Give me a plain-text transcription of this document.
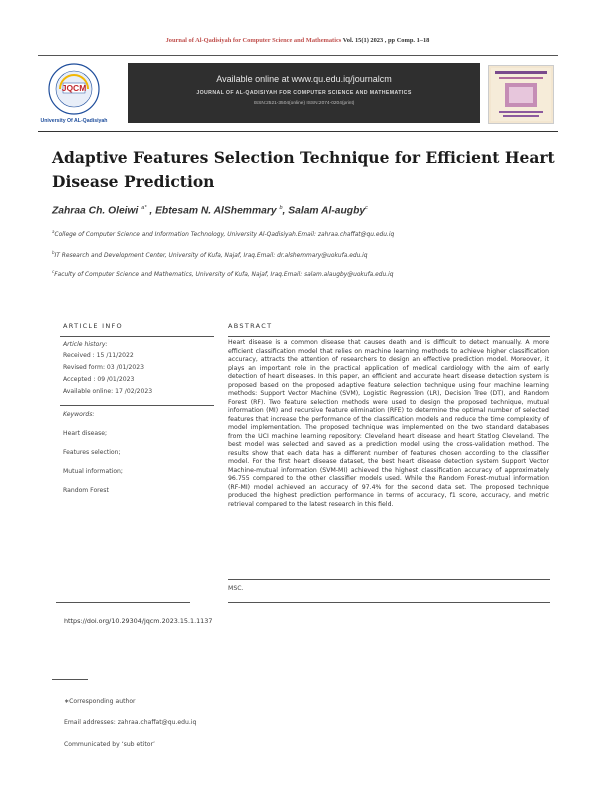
Journal of Al-Qadisiyah for Computer Science and Mathematics Vol. 15(1) 2023 , pp Comp. 1–18
JQCM
University Of AL-Qadisiyah
Available online at www.qu.edu.iq/journalcm
JOURNAL OF AL-QADISIYAH FOR COMPUTER SCIENCE AND MATHEMATICS
ISSN:2521-3504(online) ISSN:2074-0204(print)
Adaptive Features Selection Technique for Efficient Heart Disease Prediction
Zahraa Ch. Oleiwi $^{a*}$ , Ebtesam N. AlShemmary $^b$, Salam Al-augby$^c$
$^a$College of Computer Science and Information Technology, University Al-Qadisiyah.Email: zahraa.chaffat@qu.edu.iq
$^b$IT Research and Development Center, University of Kufa, Najaf, Iraq.Email: dr.alshemmary@uokufa.edu.iq
$^c$Faculty of Computer Science and Mathematics, University of Kufa, Najaf, Iraq.Email: salam.alaugby@uokufa.edu.iq
ARTICLE INFO	ABSTRACT
Article history:
Received : 15 /11/2022
Revised form: 03 /01/2023
Accepted : 09 /01/2023
Available online: 17 /02/2023
Keywords:
Heart disease;
Features selection;
Mutual information;
Random Forest
Heart disease is a common disease that causes death and is difficult to detect manually. A more efficient classification model that relies on machine learning methods to achieve higher classification accuracy, attracts the attention of researchers to design an effective prediction model. Moreover, it plays an important role in the practical application of medical cardiology with the aim of early detection of heart diseases. In this paper, an efficient and accurate heart disease detection system is proposed based on the proposed adaptive feature selection technique using four machine learning methods: Support Vector Machine (SVM), Logistic Regression (LR), Decision Tree (DT), and Random Forest (RF). Two feature selection methods were used to design the proposed technique, mutual information (MI) and recursive feature elimination (RFE) to determine the optimal number of selected features that increase the performance of the classification models and reduce the time complexity of model implementation. The proposed technique was implemented on the two standard databases from the UCI machine learning repository: Cleveland heart disease and heart Statlog Cleveland. The best model was selected and saved as a prediction model using the cross-validation method. The results show that each data has a different number of features chosen according to the classifier model. For the first heart disease dataset, the best heart disease detection system Support Vector Machine-mutual information (SVM-MI) achieved the highest classification accuracy of approximately 96.755 compared to the other classifier models used. While the Random Forest-mutual information (RF-MI) model achieved an accuracy of 97.4% for the second data set. The proposed technique produced the highest prediction performance in terms of accuracy, f1 score, accuracy, and metric retrieval compared to the latest research in this field.
MSC.
https://doi.org/10.29304/jqcm.2023.15.1.1137
∗Corresponding author
Email addresses: zahraa.chaffat@qu.edu.iq
Communicated by ‘sub etitor’
